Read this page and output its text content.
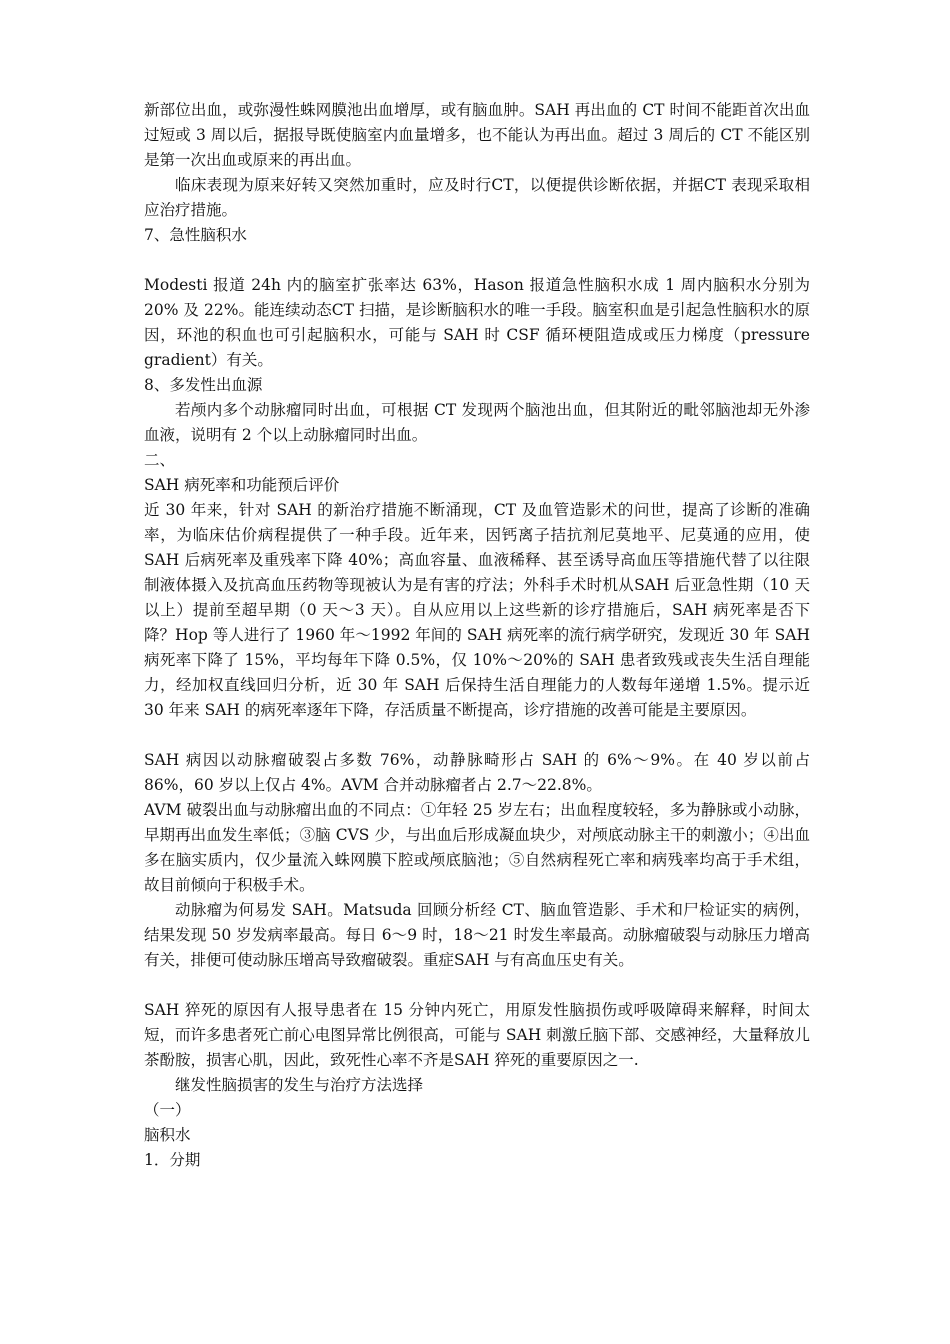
新部位出血，或弥漫性蛛网膜池出血增厚，或有脑血肿。SAH 再出血的 CT 时间不能距首次出血过短或 3 周以后，据报导既使脑室内血量增多，也不能认为再出血。超过 3 周后的 CT 不能区别是第一次出血或原来的再出血。

临床表现为原来好转又突然加重时，应及时行CT，以便提供诊断依据，并据CT 表现采取相应治疗措施。

7、急性脑积水

Modesti 报道 24h 内的脑室扩张率达 63%，Hason 报道急性脑积水成 1 周内脑积水分别为 20% 及 22%。能连续动态CT 扫描，是诊断脑积水的唯一手段。脑室积血是引起急性脑积水的原因，环池的积血也可引起脑积水，可能与 SAH 时 CSF 循环梗阻造成或压力梯度（pressure gradient）有关。

8、多发性出血源

若颅内多个动脉瘤同时出血，可根据 CT 发现两个脑池出血，但其附近的毗邻脑池却无外渗血液，说明有 2 个以上动脉瘤同时出血。

二、

SAH 病死率和功能预后评价

近 30 年来，针对 SAH 的新治疗措施不断涌现，CT 及血管造影术的问世，提高了诊断的准确率，为临床估价病程提供了一种手段。近年来，因钙离子拮抗剂尼莫地平、尼莫通的应用，使 SAH 后病死率及重残率下降 40%；高血容量、血液稀释、甚至诱导高血压等措施代替了以往限制液体摄入及抗高血压药物等现被认为是有害的疗法；外科手术时机从SAH 后亚急性期（10 天以上）提前至超早期（0 天～3 天）。自从应用以上这些新的诊疗措施后，SAH 病死率是否下降？Hop 等人进行了 1960 年～1992 年间的 SAH 病死率的流行病学研究，发现近 30 年 SAH 病死率下降了 15%，平均每年下降 0.5%，仅 10%～20%的 SAH 患者致残或丧失生活自理能力，经加权直线回归分析，近 30 年 SAH 后保持生活自理能力的人数每年递增 1.5%。提示近 30 年来 SAH 的病死率逐年下降，存活质量不断提高，诊疗措施的改善可能是主要原因。

SAH 病因以动脉瘤破裂占多数 76%，动静脉畸形占 SAH 的 6%～9%。在 40 岁以前占 86%，60 岁以上仅占 4%。AVM 合并动脉瘤者占 2.7～22.8%。

AVM 破裂出血与动脉瘤出血的不同点：①年轻 25 岁左右；出血程度较轻，多为静脉或小动脉，早期再出血发生率低；③脑 CVS 少，与出血后形成凝血块少，对颅底动脉主干的刺激小；④出血多在脑实质内，仅少量流入蛛网膜下腔或颅底脑池；⑤自然病程死亡率和病残率均高于手术组，故目前倾向于积极手术。

动脉瘤为何易发 SAH。Matsuda 回顾分析经 CT、脑血管造影、手术和尸检证实的病例，结果发现 50 岁发病率最高。每日 6～9 时，18～21 时发生率最高。动脉瘤破裂与动脉压力增高有关，排便可使动脉压增高导致瘤破裂。重症SAH 与有高血压史有关。

SAH 猝死的原因有人报导患者在 15 分钟内死亡，用原发性脑损伤或呼吸障碍来解释，时间太短，而许多患者死亡前心电图异常比例很高，可能与 SAH 刺激丘脑下部、交感神经，大量释放儿茶酚胺，损害心肌，因此，致死性心率不齐是SAH 猝死的重要原因之一.

继发性脑损害的发生与治疗方法选择

（一）

脑积水

1．分期
